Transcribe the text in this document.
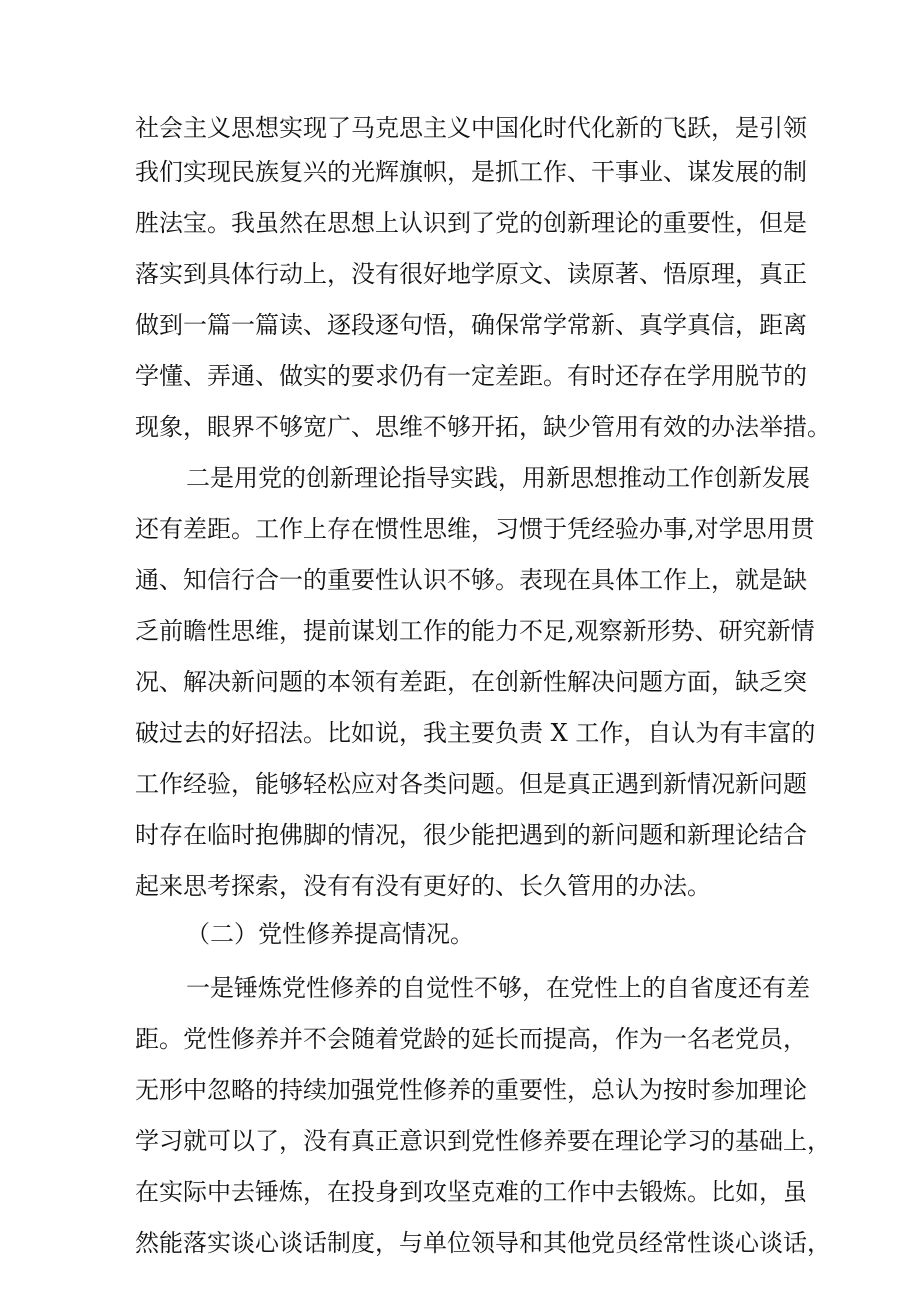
社会主义思想实现了马克思主义中国化时代化新的飞跃，是引领
我们实现民族复兴的光辉旗帜，是抓工作、干事业、谋发展的制
胜法宝。我虽然在思想上认识到了党的创新理论的重要性，但是
落实到具体行动上，没有很好地学原文、读原著、悟原理，真正
做到一篇一篇读、逐段逐句悟，确保常学常新、真学真信，距离
学懂、弄通、做实的要求仍有一定差距。有时还存在学用脱节的
现象，眼界不够宽广、思维不够开拓，缺少管用有效的办法举措。
二是用党的创新理论指导实践，用新思想推动工作创新发展
还有差距。工作上存在惯性思维，习惯于凭经验办事,对学思用贯
通、知信行合一的重要性认识不够。表现在具体工作上，就是缺
乏前瞻性思维，提前谋划工作的能力不足,观察新形势、研究新情
况、解决新问题的本领有差距，在创新性解决问题方面，缺乏突
破过去的好招法。比如说，我主要负责 X 工作，自认为有丰富的
工作经验，能够轻松应对各类问题。但是真正遇到新情况新问题
时存在临时抱佛脚的情况，很少能把遇到的新问题和新理论结合
起来思考探索，没有有没有更好的、长久管用的办法。
（二）党性修养提高情况。
一是锤炼党性修养的自觉性不够，在党性上的自省度还有差
距。党性修养并不会随着党龄的延长而提高，作为一名老党员，
无形中忽略的持续加强党性修养的重要性，总认为按时参加理论
学习就可以了，没有真正意识到党性修养要在理论学习的基础上，
在实际中去锤炼，在投身到攻坚克难的工作中去锻炼。比如，虽
然能落实谈心谈话制度，与单位领导和其他党员经常性谈心谈话，
